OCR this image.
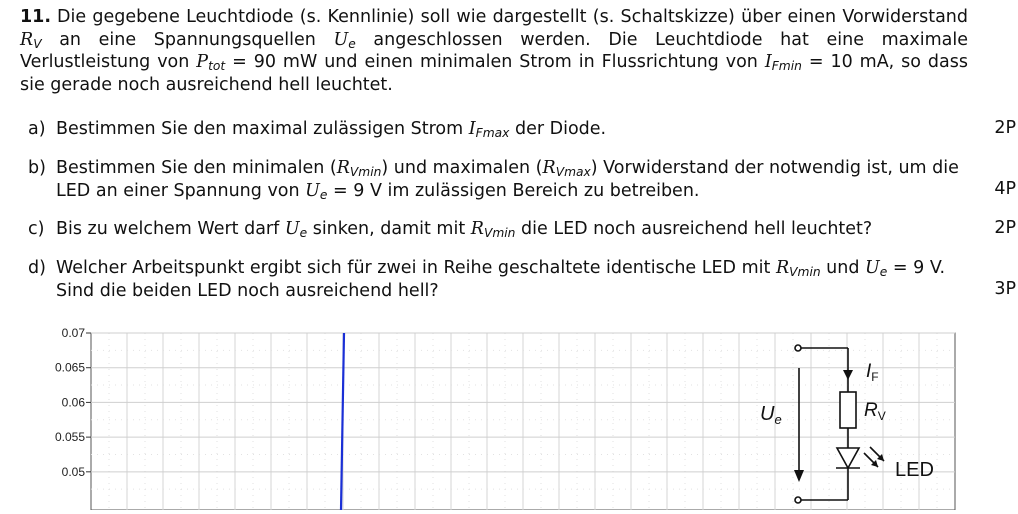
11. Die gegebene Leuchtdiode (s. Kennlinie) soll wie dargestellt (s. Schaltskizze) über einen Vorwiderstand $R_V$ an eine Spannungsquellen $U_e$ angeschlossen werden. Die Leuchtdiode hat eine maximale Verlustleistung von $P_{tot} = 90$ mW und einen minimalen Strom in Flussrichtung von $I_{Fmin} = 10$ mA, so dass sie gerade noch ausreichend hell leuchtet.
a) Bestimmen Sie den maximal zulässigen Strom $I_{Fmax}$ der Diode.	2P
b) Bestimmen Sie den minimalen $(R_{Vmin})$ und maximalen $(R_{Vmax})$ Vorwiderstand der notwendig ist, um die LED an einer Spannung von $U_e = 9$ V im zulässigen Bereich zu betreiben.	4P
c) Bis zu welchem Wert darf $U_e$ sinken, damit mit $R_{Vmin}$ die LED noch ausreichend hell leuchtet?	2P
d) Welcher Arbeitspunkt ergibt sich für zwei in Reihe geschaltete identische LED mit $R_{Vmin}$ und $U_e = 9$ V. Sind die beiden LED noch ausreichend hell?	3P
0.07
0.065
0.06
0.055
0.05
$U_e$
$I_F$
$R_V$
LED
